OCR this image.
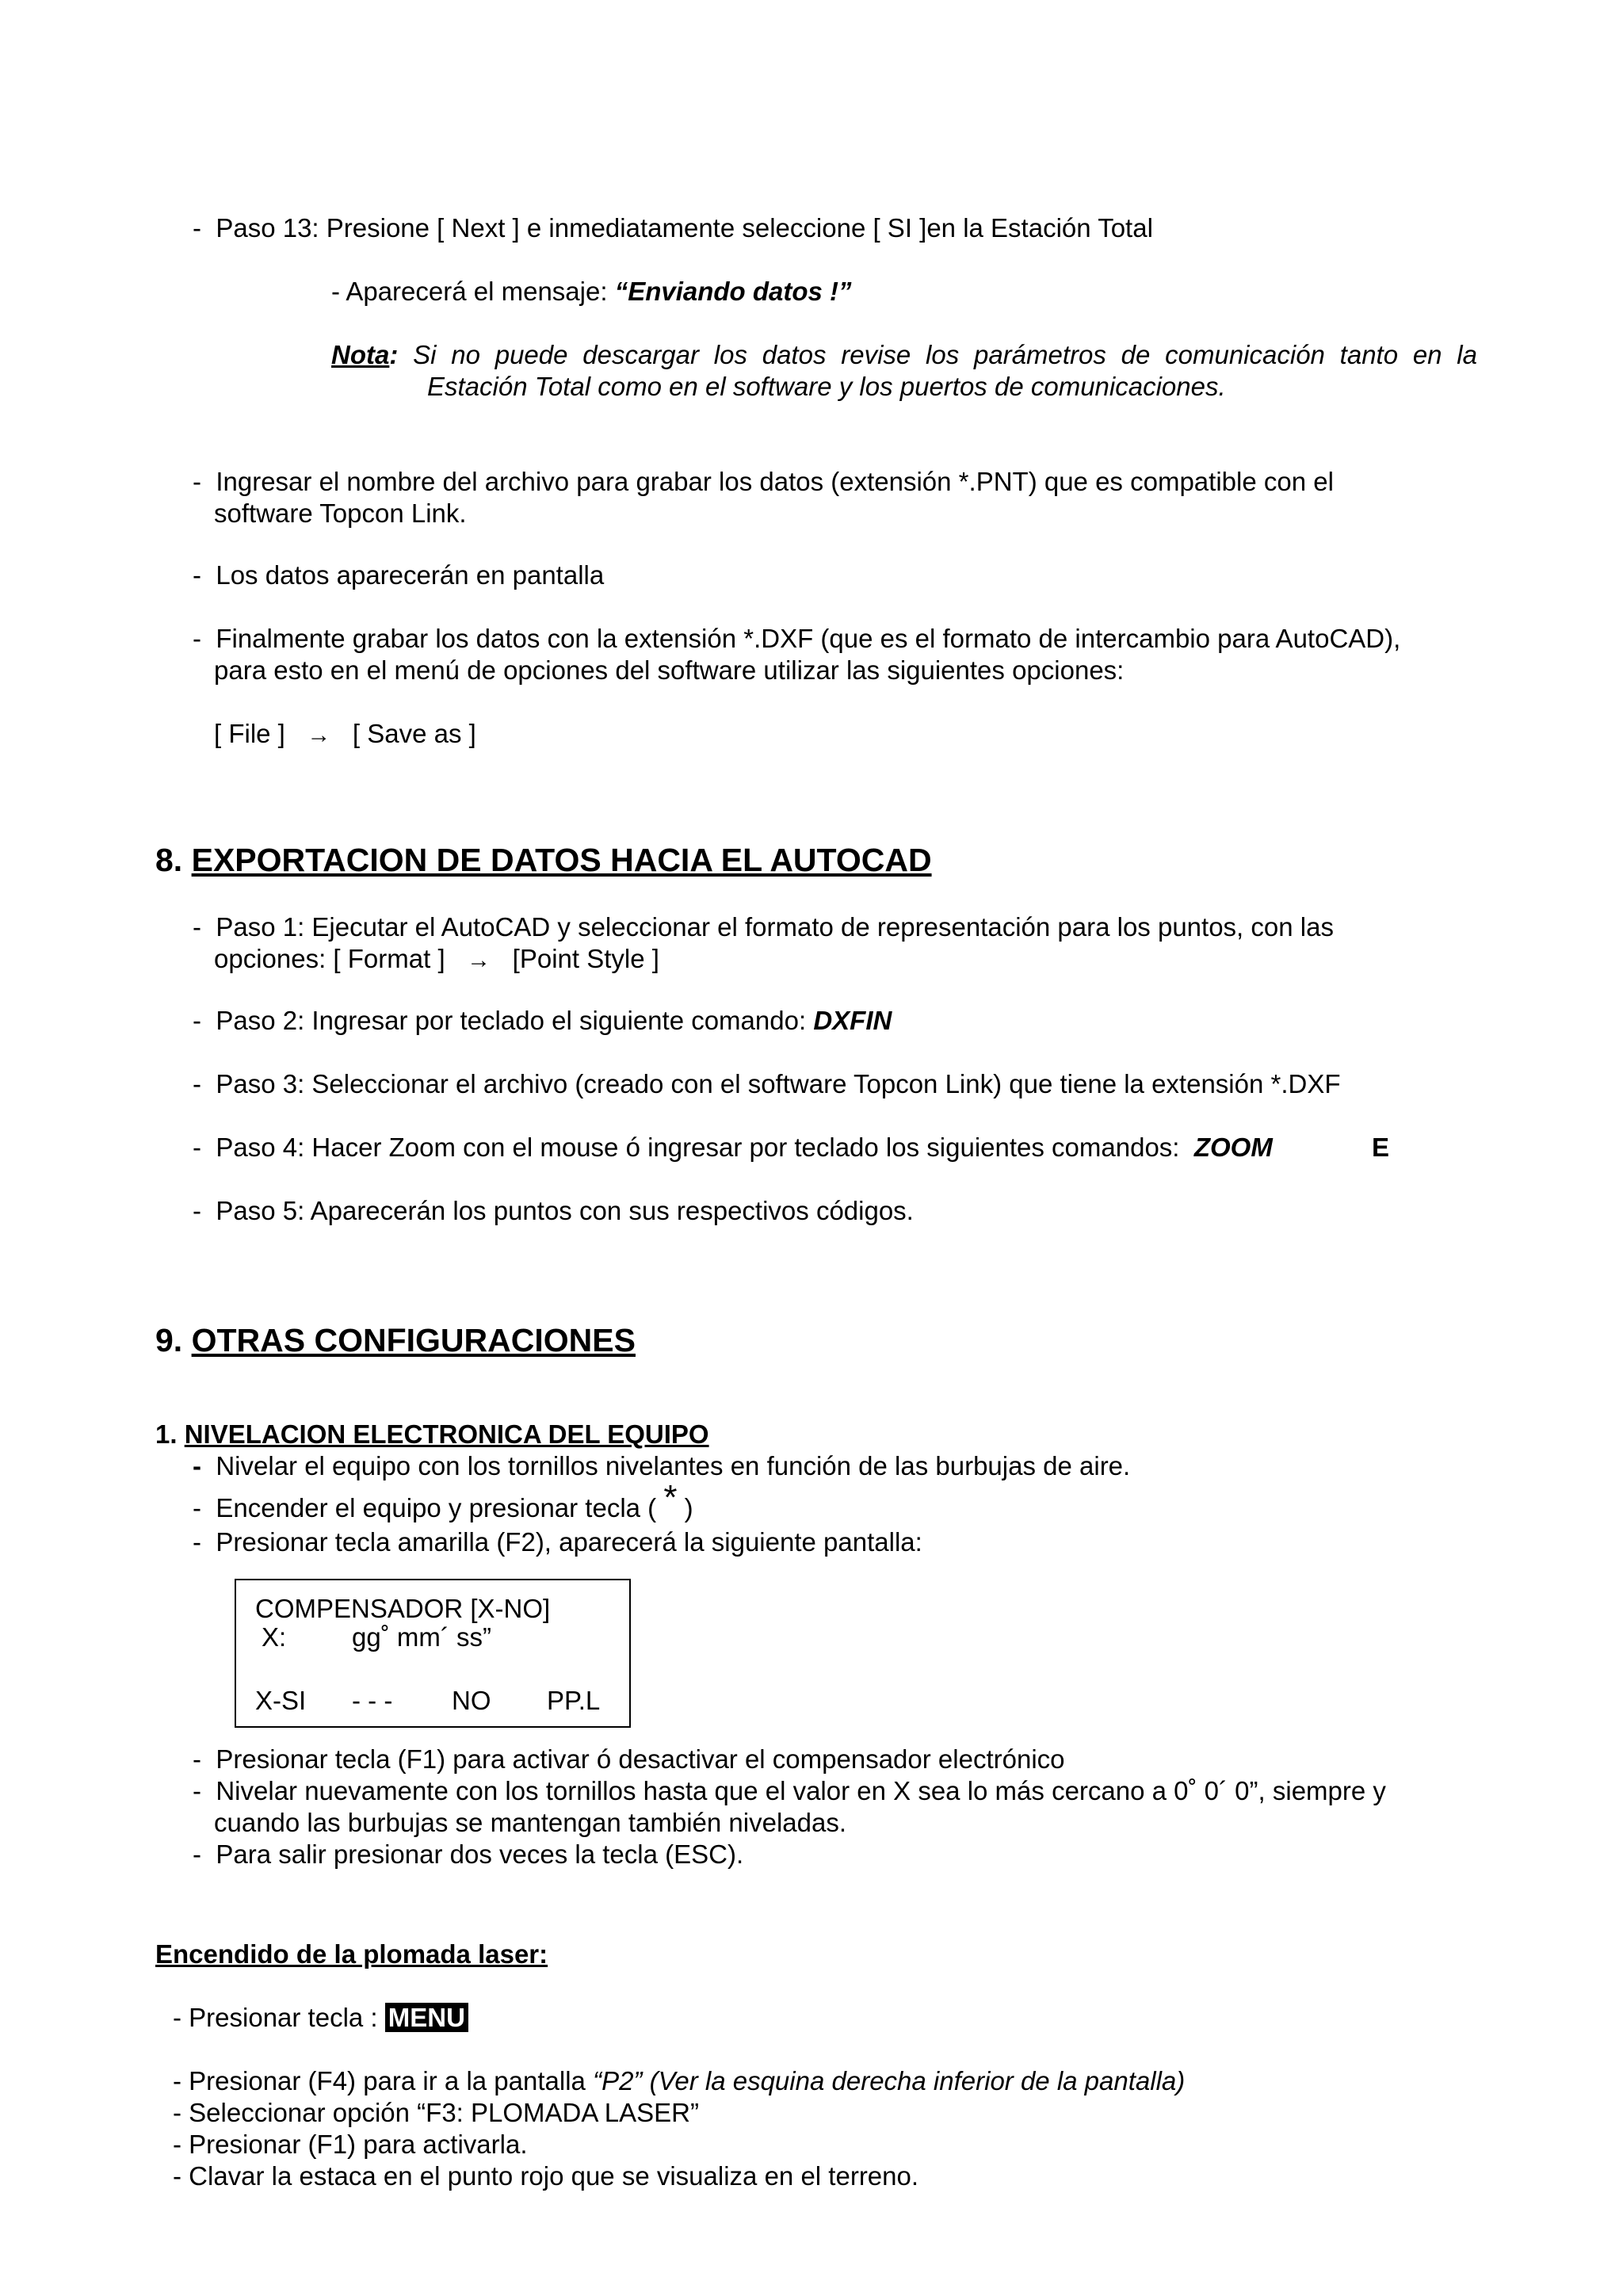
- Paso 13: Presione [ Next ] e inmediatamente seleccione [ SI ]en la Estación Total
- Aparecerá el mensaje: “Enviando datos !”
Nota: Si no puede descargar los datos revise los parámetros de comunicación tanto en la
Estación Total como en el software y los puertos de comunicaciones.
- Ingresar el nombre del archivo para grabar los datos (extensión *.PNT) que es compatible con el
software Topcon Link.
- Los datos aparecerán en pantalla
- Finalmente grabar los datos con la extensión *.DXF (que es el formato de intercambio para AutoCAD),
para esto en el menú de opciones del software utilizar las siguientes opciones:
[ File ] → [ Save as ]
8. EXPORTACION DE DATOS HACIA EL AUTOCAD
- Paso 1: Ejecutar el AutoCAD y seleccionar el formato de representación para los puntos, con las
opciones: [ Format ] → [Point Style ]
- Paso 2: Ingresar por teclado el siguiente comando: DXFIN
- Paso 3: Seleccionar el archivo (creado con el software Topcon Link) que tiene la extensión *.DXF
- Paso 4: Hacer Zoom con el mouse ó ingresar por teclado los siguientes comandos: ZOOM	E
- Paso 5: Aparecerán los puntos con sus respectivos códigos.
9. OTRAS CONFIGURACIONES
1. NIVELACION ELECTRONICA DEL EQUIPO
- Nivelar el equipo con los tornillos nivelantes en función de las burbujas de aire.
- Encender el equipo y presionar tecla ( * )
- Presionar tecla amarilla (F2), aparecerá la siguiente pantalla:
COMPENSADOR [X-NO]
X:	gg˚ mm´ ss”
X-SI - - - NO PP.L
- Presionar tecla (F1) para activar ó desactivar el compensador electrónico
- Nivelar nuevamente con los tornillos hasta que el valor en X sea lo más cercano a 0˚ 0´ 0”, siempre y
cuando las burbujas se mantengan también niveladas.
- Para salir presionar dos veces la tecla (ESC).
Encendido de la plomada laser:
- Presionar tecla : MENU
- Presionar (F4) para ir a la pantalla “P2” (Ver la esquina derecha inferior de la pantalla)
- Seleccionar opción “F3: PLOMADA LASER”
- Presionar (F1) para activarla.
- Clavar la estaca en el punto rojo que se visualiza en el terreno.
